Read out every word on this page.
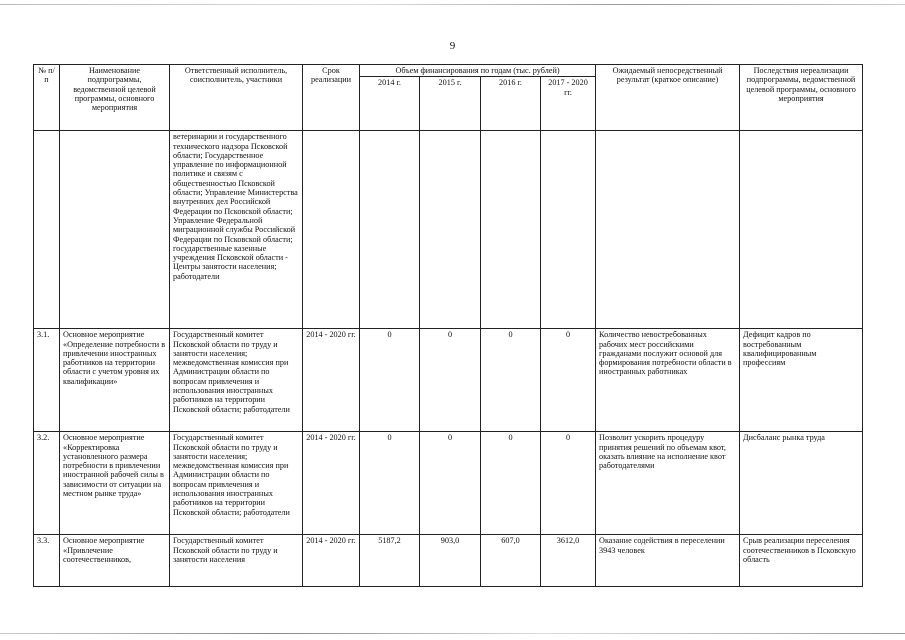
9
№ п/п	Наименование подпрограммы, ведомственной целевой программы, основного мероприятия	Ответственный исполнитель, соисполнитель, участники	Срок реализации	Объем финансирования по годам (тыс. рублей)				Ожидаемый непосредственный результат (краткое описание)	Последствия нереализации подпрограммы, ведомственной целевой программы, основного мероприятия
				2014 г.	2015 г.	2016 г.	2017 - 2020 гг.		
		ветеринарии и государственного технического надзора Псковской области; Государственное управление по информационной политике и связям с общественностью Псковской области; Управление Министерства внутренних дел Российской Федерации по Псковской области; Управление Федеральной миграционной службы Российской Федерации по Псковской области; государственные казенные учреждения Псковской области - Центры занятости населения; работодатели							
3.1.	Основное мероприятие «Определение потребности в привлечении иностранных работников на территории области с учетом уровня их квалификации»	Государственный комитет Псковской области по труду и занятости населения; межведомственная комиссия при Администрации области по вопросам привлечения и использования иностранных работников на территории Псковской области; работодатели	2014 - 2020 гг.	0	0	0	0	Количество невостребованных рабочих мест российскими гражданами послужит основой для формирования потребности области в иностранных работниках	Дефицит кадров по востребованным квалифицированным профессиям
3.2.	Основное мероприятие «Корректировка установленного размера потребности в привлечении иностранной рабочей силы в зависимости от ситуации на местном рынке труда»	Государственный комитет Псковской области по труду и занятости населения; межведомственная комиссия при Администрации области по вопросам привлечения и использования иностранных работников на территории Псковской области; работодатели	2014 - 2020 гг.	0	0	0	0	Позволит ускорить процедуру принятия решений по объемам квот, оказать влияние на исполнение квот работодателями	Дисбаланс рынка труда
3.3.	Основное мероприятие «Привлечение соотечественников,	Государственный комитет Псковской области по труду и занятости населения	2014 - 2020 гг.	5187,2	903,0	607,0	3612,0	Оказание содействия в переселении 3943 человек	Срыв реализации переселения соотечественников в Псковскую область
